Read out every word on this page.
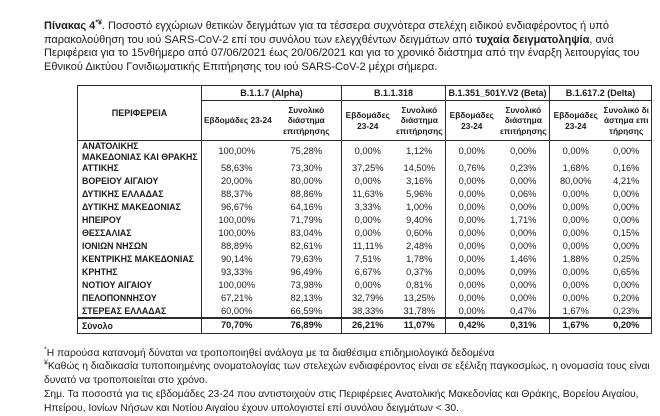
Πίνακας 4*¥. Ποσοστό εγχώριων θετικών δειγμάτων για τα τέσσερα συχνότερα στελέχη ειδικού ενδιαφέροντος ή υπό παρακολούθηση του ιού SARS-CoV-2 επί του συνόλου των ελεγχθέντων δειγμάτων από τυχαία δειγματοληψία, ανά Περιφέρεια για το 15νθήμερο από 07/06/2021 έως 20/06/2021 και για το χρονικό διάστημα από την έναρξη λειτουργίας του Εθνικού Δικτύου Γονιδιωματικής Επιτήρησης του ιού SARS-CoV-2 μέχρι σήμερα.

ΠΕΡΙΦΕΡΕΙΑ	B.1.1.7 (Alpha)		B.1.1.318		B.1.351_501Y.V2 (Beta)		B.1.617.2 (Delta)	
	Εβδομάδες 23-24	Συνολικό διάστημα επιτήρησης	Εβδομάδες 23-24	Συνολικό διάστημα επιτήρησης	Εβδομάδες 23-24	Συνολικό διάστημα επιτήρησης	Εβδομάδες 23-24	Συνολικό διάστημα επιτήρησης
ΑΝΑΤΟΛΙΚΗΣ ΜΑΚΕΔΟΝΙΑΣ ΚΑΙ ΘΡΑΚΗΣ	100,00%	75,28%	0,00%	1,12%	0,00%	0,00%	0,00%	0,00%
ΑΤΤΙΚΗΣ	58,63%	73,30%	37,25%	14,50%	0,76%	0,23%	1,68%	0,16%
ΒΟΡΕΙΟΥ ΑΙΓΑΙΟΥ	20,00%	80,00%	0,00%	3,16%	0,00%	0,00%	80,00%	4,21%
ΔΥΤΙΚΗΣ ΕΛΛΑΔΑΣ	88,37%	88,86%	11,63%	5,96%	0,00%	0,06%	0,00%	0,00%
ΔΥΤΙΚΗΣ ΜΑΚΕΔΟΝΙΑΣ	96,67%	64,16%	3,33%	1,00%	0,00%	0,00%	0,00%	0,00%
ΗΠΕΙΡΟΥ	100,00%	71,79%	0,00%	9,40%	0,00%	1,71%	0,00%	0,00%
ΘΕΣΣΑΛΙΑΣ	100,00%	83,04%	0,00%	0,60%	0,00%	0,00%	0,00%	0,15%
ΙΟΝΙΩΝ ΝΗΣΩΝ	88,89%	82,61%	11,11%	2,48%	0,00%	0,00%	0,00%	0,00%
ΚΕΝΤΡΙΚΗΣ ΜΑΚΕΔΟΝΙΑΣ	90,14%	79,63%	7,51%	1,78%	0,00%	1,46%	1,88%	0,25%
ΚΡΗΤΗΣ	93,33%	96,49%	6,67%	0,37%	0,00%	0,09%	0,00%	0,65%
ΝΟΤΙΟΥ ΑΙΓΑΙΟΥ	100,00%	73,98%	0,00%	0,81%	0,00%	0,00%	0,00%	0,00%
ΠΕΛΟΠΟΝΝΗΣΟΥ	67,21%	82,13%	32,79%	13,25%	0,00%	0,00%	0,00%	0,20%
ΣΤΕΡΕΑΣ ΕΛΛΑΔΑΣ	60,00%	66,59%	38,33%	31,78%	0,00%	0,47%	1,67%	0,23%
Σύνολο	70,70%	76,89%	26,21%	11,07%	0,42%	0,31%	1,67%	0,20%

*Η παρούσα κατανομή δύναται να τροποποιηθεί ανάλογα με τα διαθέσιμα επιδημιολογικά δεδομένα

¥Καθώς η διαδικασία τυποποιημένης ονοματολογίας των στελεχών ενδιαφέροντος είναι σε εξέλιξη παγκοσμίως, η ονομασία τους είναι δυνατό να τροποποιείται στο χρόνο.

Σημ. Τα ποσοστά για τις εβδομάδες 23-24 που αντιστοιχούν στις Περιφέρειες Ανατολικής Μακεδονίας και Θράκης, Βορείου Αιγαίου, Ηπείρου, Ιονίων Νήσων και Νοτίου Αιγαίου έχουν υπολογιστεί επί συνόλου δειγμάτων < 30.
